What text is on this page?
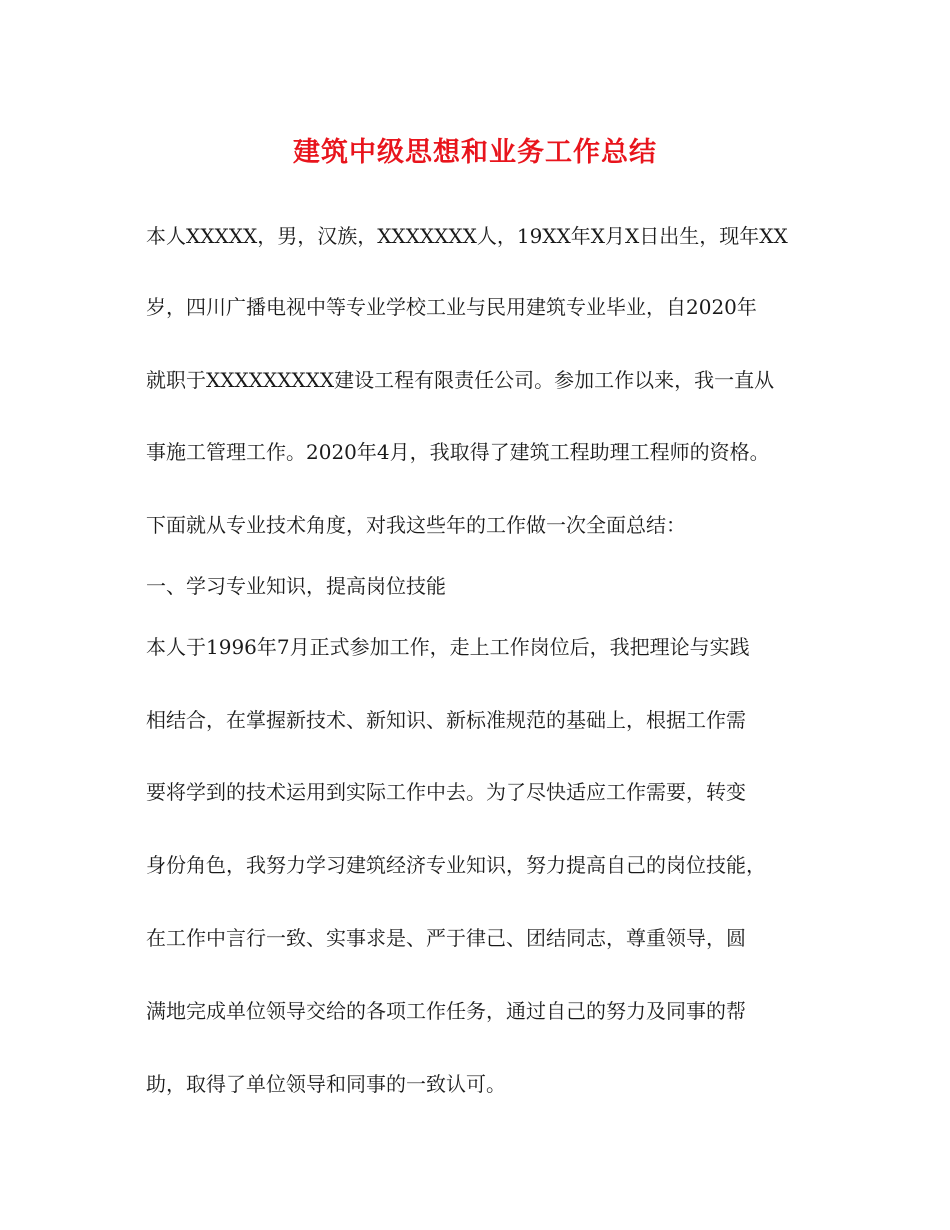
建筑中级思想和业务工作总结

本人XXXXX，男，汉族，XXXXXXX人，19XX年X月X日出生，现年XX

岁，四川广播电视中等专业学校工业与民用建筑专业毕业，自2020年

就职于XXXXXXXXX建设工程有限责任公司。参加工作以来，我一直从

事施工管理工作。2020年4月，我取得了建筑工程助理工程师的资格。

下面就从专业技术角度，对我这些年的工作做一次全面总结：

一、学习专业知识，提高岗位技能

本人于1996年7月正式参加工作，走上工作岗位后，我把理论与实践

相结合，在掌握新技术、新知识、新标准规范的基础上，根据工作需

要将学到的技术运用到实际工作中去。为了尽快适应工作需要，转变

身份角色，我努力学习建筑经济专业知识，努力提高自己的岗位技能，

在工作中言行一致、实事求是、严于律己、团结同志，尊重领导，圆

满地完成单位领导交给的各项工作任务，通过自己的努力及同事的帮

助，取得了单位领导和同事的一致认可。
